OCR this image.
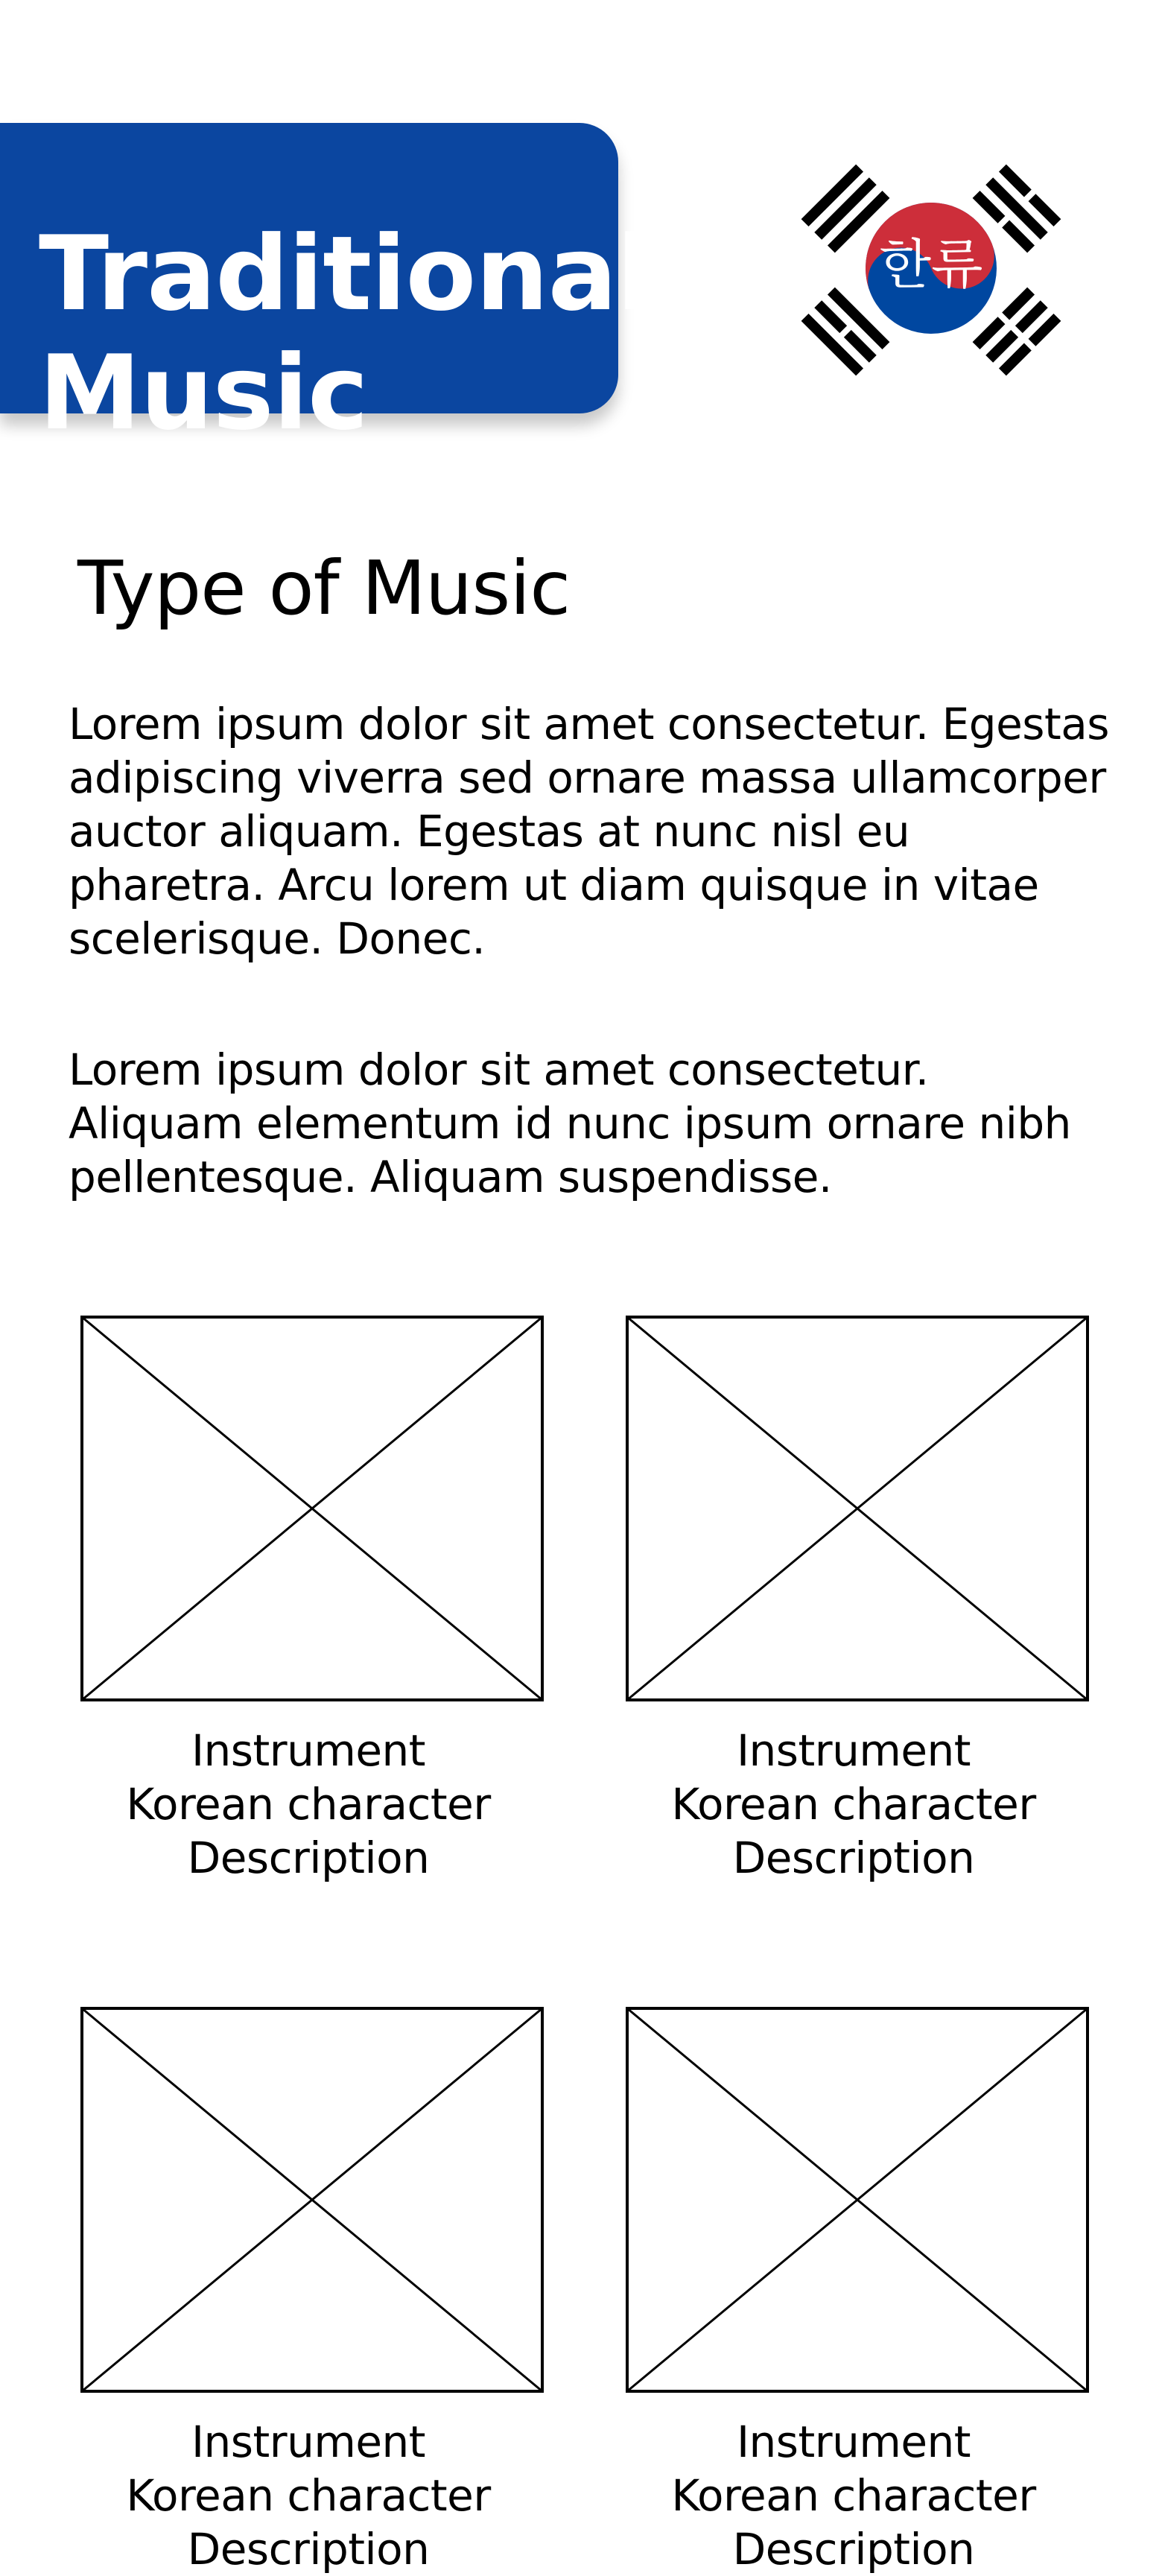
Traditional
Music
한류
Type of Music

Lorem ipsum dolor sit amet consectetur. Egestas adipiscing viverra sed ornare massa ullamcorper auctor aliquam. Egestas at nunc nisl eu pharetra. Arcu lorem ut diam quisque in vitae scelerisque. Donec.

Lorem ipsum dolor sit amet consectetur. Aliquam elementum id nunc ipsum ornare nibh pellentesque. Aliquam suspendisse.

Instrument
Korean character
Description
Instrument
Korean character
Description
Instrument
Korean character
Description
Instrument
Korean character
Description
